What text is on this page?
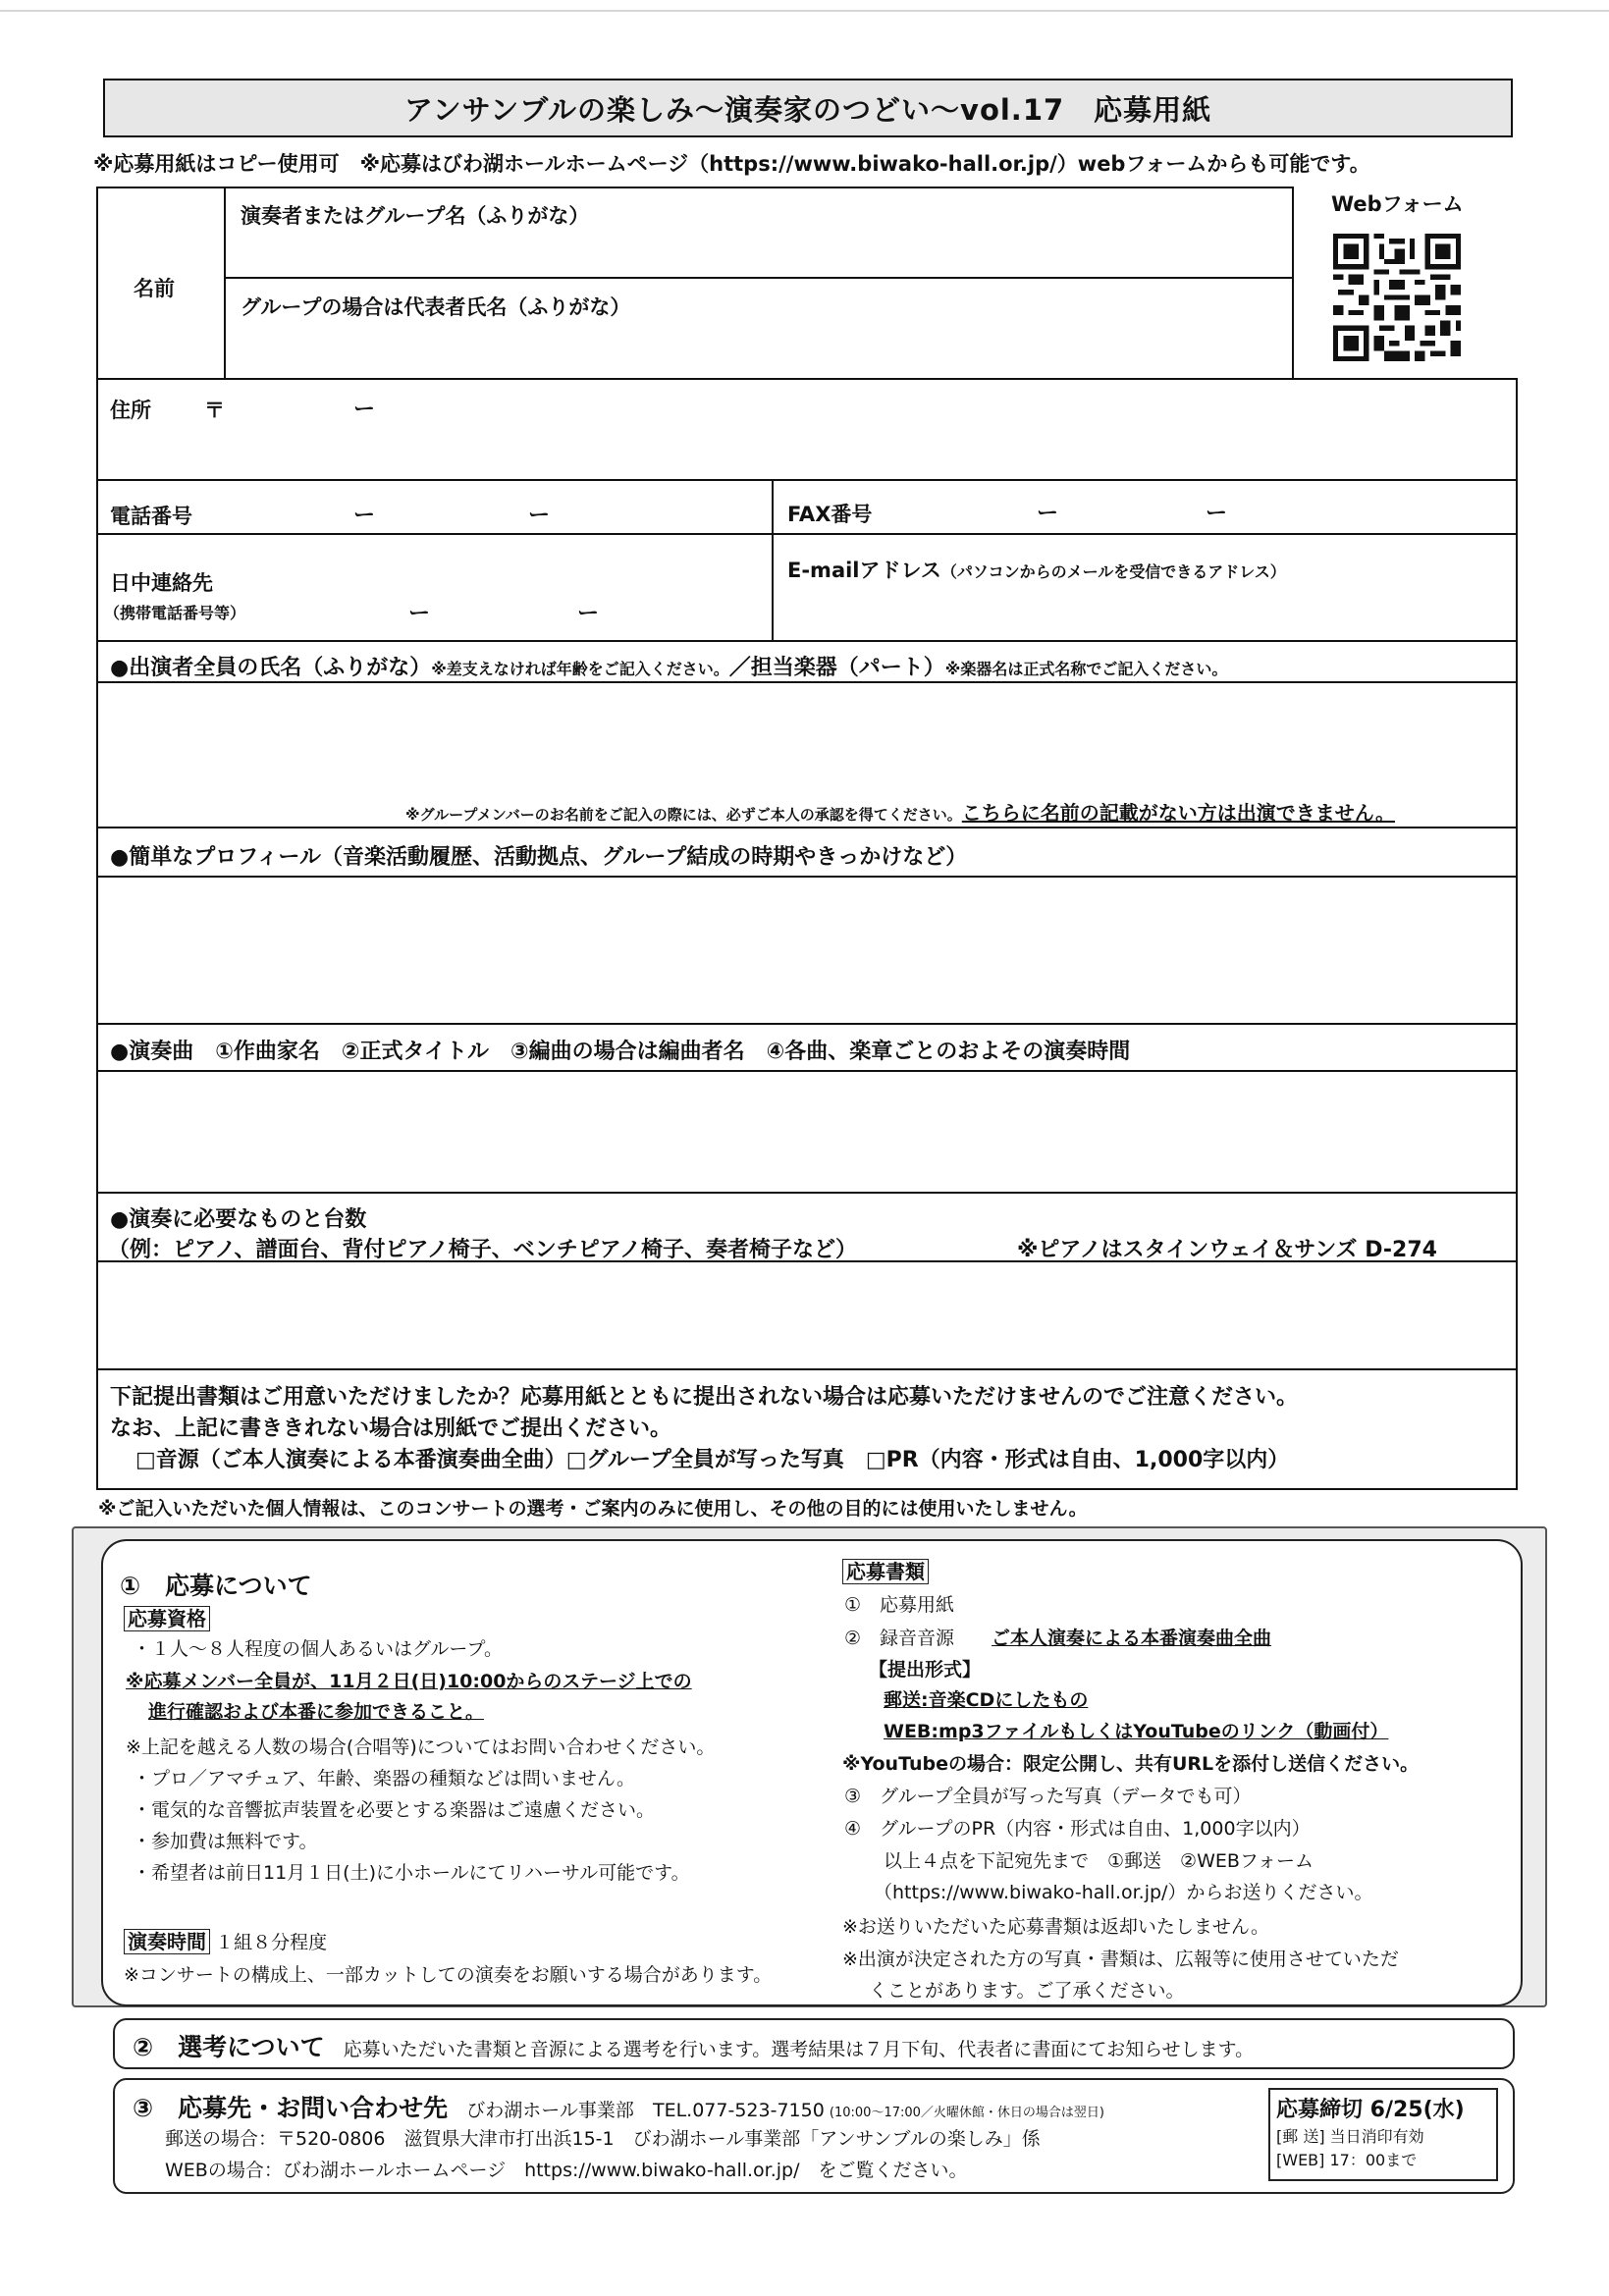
アンサンブルの楽しみ～演奏家のつどい～vol.17　応募用紙
※応募用紙はコピー使用可　※応募はびわ湖ホールホームページ（https://www.biwako-hall.or.jp/）webフォームからも可能です。
名前
演奏者またはグループ名（ふりがな）
グループの場合は代表者氏名（ふりがな）
Webフォーム
住所	〒	ー
電話番号	ー	ー	FAX番号	ー	ー
日中連絡先
（携帯電話番号等）	ー	ー
E-mailアドレス（パソコンからのメールを受信できるアドレス）
●出演者全員の氏名（ふりがな）※差支えなければ年齢をご記入ください。／担当楽器（パート）※楽器名は正式名称でご記入ください。
※グループメンバーのお名前をご記入の際には、必ずご本人の承認を得てください。こちらに名前の記載がない方は出演できません。
●簡単なプロフィール（音楽活動履歴、活動拠点、グループ結成の時期やきっかけなど）
●演奏曲　①作曲家名　②正式タイトル　③編曲の場合は編曲者名　④各曲、楽章ごとのおよその演奏時間
●演奏に必要なものと台数
（例：ピアノ、譜面台、背付ピアノ椅子、ベンチピアノ椅子、奏者椅子など）	※ピアノはスタインウェイ＆サンズ D-274
下記提出書類はご用意いただけましたか？応募用紙とともに提出されない場合は応募いただけませんのでご注意ください。
なお、上記に書ききれない場合は別紙でご提出ください。
□音源（ご本人演奏による本番演奏曲全曲）□グループ全員が写った写真　□PR（内容・形式は自由、1,000字以内）
※ご記入いただいた個人情報は、このコンサートの選考・ご案内のみに使用し、その他の目的には使用いたしません。
①　応募について
応募資格
・１人～８人程度の個人あるいはグループ。
※応募メンバー全員が、11月２日(日)10:00からのステージ上での
進行確認および本番に参加できること。
※上記を越える人数の場合(合唱等)についてはお問い合わせください。
・プロ／アマチュア、年齢、楽器の種類などは問いません。
・電気的な音響拡声装置を必要とする楽器はご遠慮ください。
・参加費は無料です。
・希望者は前日11月１日(土)に小ホールにてリハーサル可能です。
演奏時間 １組８分程度
※コンサートの構成上、一部カットしての演奏をお願いする場合があります。
応募書類
①　応募用紙
②　録音音源 ご本人演奏による本番演奏曲全曲
【提出形式】
郵送:音楽CDにしたもの
WEB:mp3ファイルもしくはYouTubeのリンク（動画付）
※YouTubeの場合：限定公開し、共有URLを添付し送信ください。
③　グループ全員が写った写真（データでも可）
④　グループのPR（内容・形式は自由、1,000字以内）
以上４点を下記宛先まで　①郵送　②WEBフォーム
（https://www.biwako-hall.or.jp/）からお送りください。
※お送りいただいた応募書類は返却いたしません。
※出演が決定された方の写真・書類は、広報等に使用させていただ
くことがあります。ご了承ください。
②　選考について 応募いただいた書類と音源による選考を行います。選考結果は７月下旬、代表者に書面にてお知らせします。
③　応募先・お問い合わせ先 びわ湖ホール事業部 TEL.077-523-7150 (10:00～17:00／火曜休館・休日の場合は翌日)
郵送の場合：〒520-0806　滋賀県大津市打出浜15-1　びわ湖ホール事業部「アンサンブルの楽しみ」係
WEBの場合：びわ湖ホールホームページ　https://www.biwako-hall.or.jp/　をご覧ください。
応募締切 6/25(水)
[郵 送] 当日消印有効
[WEB] 17：00まで
